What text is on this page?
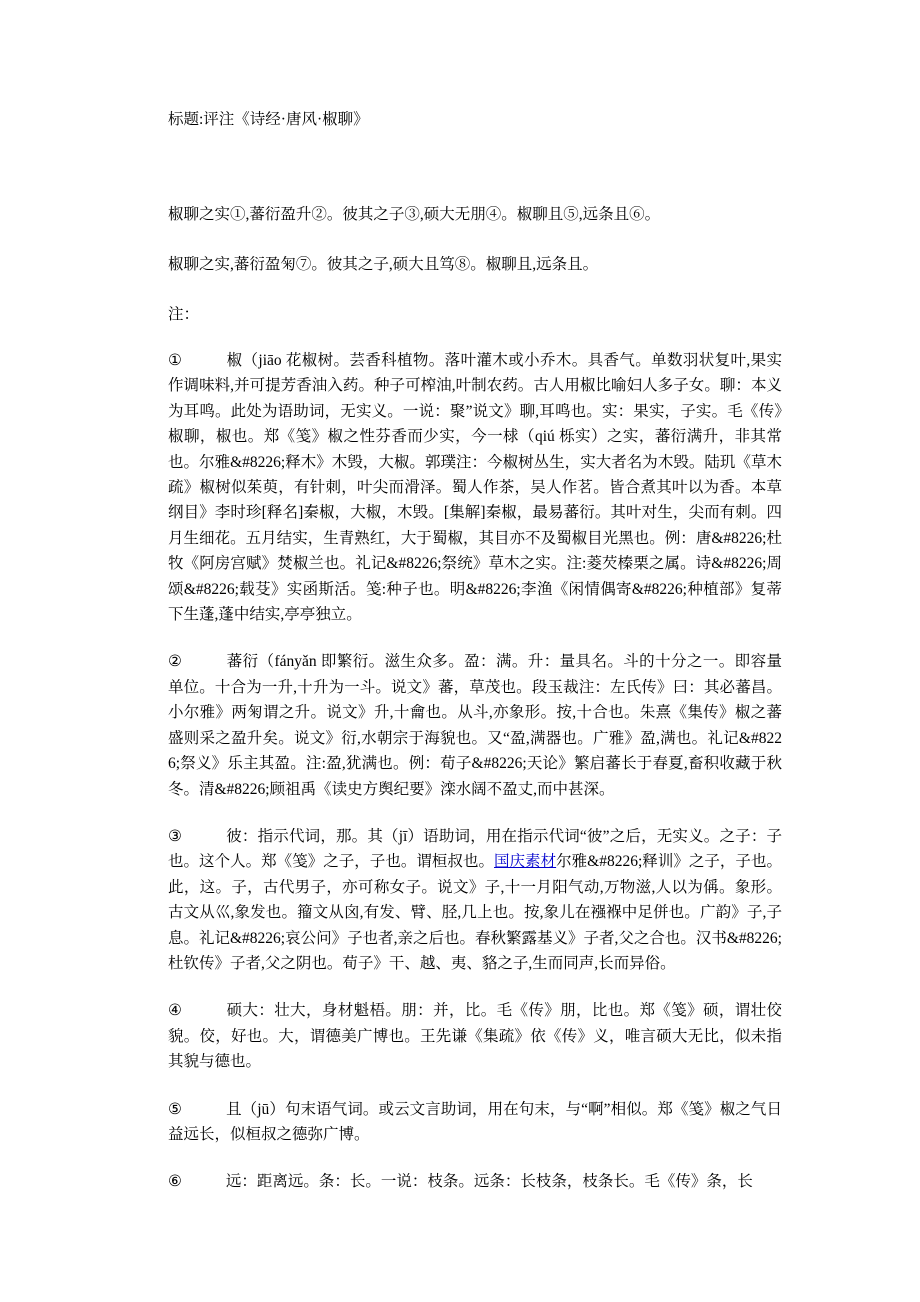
标题:评注《诗经·唐风·椒聊》
椒聊之实①,蕃衍盈升②。彼其之子③,硕大无朋④。椒聊且⑤,远条且⑥。
椒聊之实,蕃衍盈匊⑦。彼其之子,硕大且笃⑧。椒聊且,远条且。
注：
①	椒（jiāo 花椒树。芸香科植物。落叶灌木或小乔木。具香气。单数羽状复叶,果实作调味料,并可提芳香油入药。种子可榨油,叶制农药。古人用椒比喻妇人多子女。聊：本义为耳鸣。此处为语助词，无实义。一说：聚”说文》聊,耳鸣也。实：果实，子实。毛《传》椒聊，椒也。郑《笺》椒之性芬香而少实，今一梂（qiú 栎实）之实，蕃衍满升，非其常也。尔雅&#8226;释木》木毁，大椒。郭璞注：今椒树丛生，实大者名为木毁。陆玑《草木疏》椒树似茱萸，有针刺，叶尖而滑泽。蜀人作茶，吴人作茗。皆合煮其叶以为香。本草纲目》李时珍[释名]秦椒，大椒，木毁。[集解]秦椒，最易蕃衍。其叶对生，尖而有刺。四月生细花。五月结实，生青熟红，大于蜀椒，其目亦不及蜀椒目光黑也。例：唐&#8226;杜牧《阿房宫赋》焚椒兰也。礼记&#8226;祭统》草木之实。注:菱芡榛栗之属。诗&#8226;周颂&#8226;载芟》实函斯活。笺:种子也。明&#8226;李渔《闲情偶寄&#8226;种植部》复蒂下生蓬,蓬中结实,亭亭独立。
②	蕃衍（fányǎn 即繁衍。滋生众多。盈：满。升：量具名。斗的十分之一。即容量单位。十合为一升,十升为一斗。说文》蕃，草茂也。段玉裁注：左氏传》曰：其必蕃昌。小尔雅》两匊谓之升。说文》升,十龠也。从斗,亦象形。按,十合也。朱熹《集传》椒之蕃盛则采之盈升矣。说文》衍,水朝宗于海貌也。又“盈,满器也。广雅》盈,满也。礼记&#8226;祭义》乐主其盈。注:盈,犹满也。例：荀子&#8226;天论》繁启蕃长于春夏,畜积收藏于秋冬。清&#8226;顾祖禹《读史方舆纪要》滦水阔不盈丈,而中甚深。
③	彼：指示代词，那。其（jī）语助词，用在指示代词“彼”之后，无实义。之子：子也。这个人。郑《笺》之子，子也。谓桓叔也。国庆素材尔雅&#8226;释训》之子，子也。此，这。子，古代男子，亦可称女子。说文》子,十一月阳气动,万物滋,人以为偁。象形。古文从巛,象发也。籀文从囟,有发、臂、胫,几上也。按,象儿在襁褓中足併也。广韵》子,子息。礼记&#8226;哀公问》子也者,亲之后也。春秋繁露基义》子者,父之合也。汉书&#8226;杜钦传》子者,父之阴也。荀子》干、越、夷、貉之子,生而同声,长而异俗。
④	硕大：壮大，身材魁梧。朋：并，比。毛《传》朋，比也。郑《笺》硕，谓壮佼貌。佼，好也。大，谓德美广博也。王先谦《集疏》依《传》义，唯言硕大无比，似未指其貌与德也。
⑤	且（jū）句末语气词。或云文言助词，用在句末，与“啊”相似。郑《笺》椒之气日益远长，似桓叔之德弥广博。
⑥	远：距离远。条：长。一说：枝条。远条：长枝条，枝条长。毛《传》条，长
